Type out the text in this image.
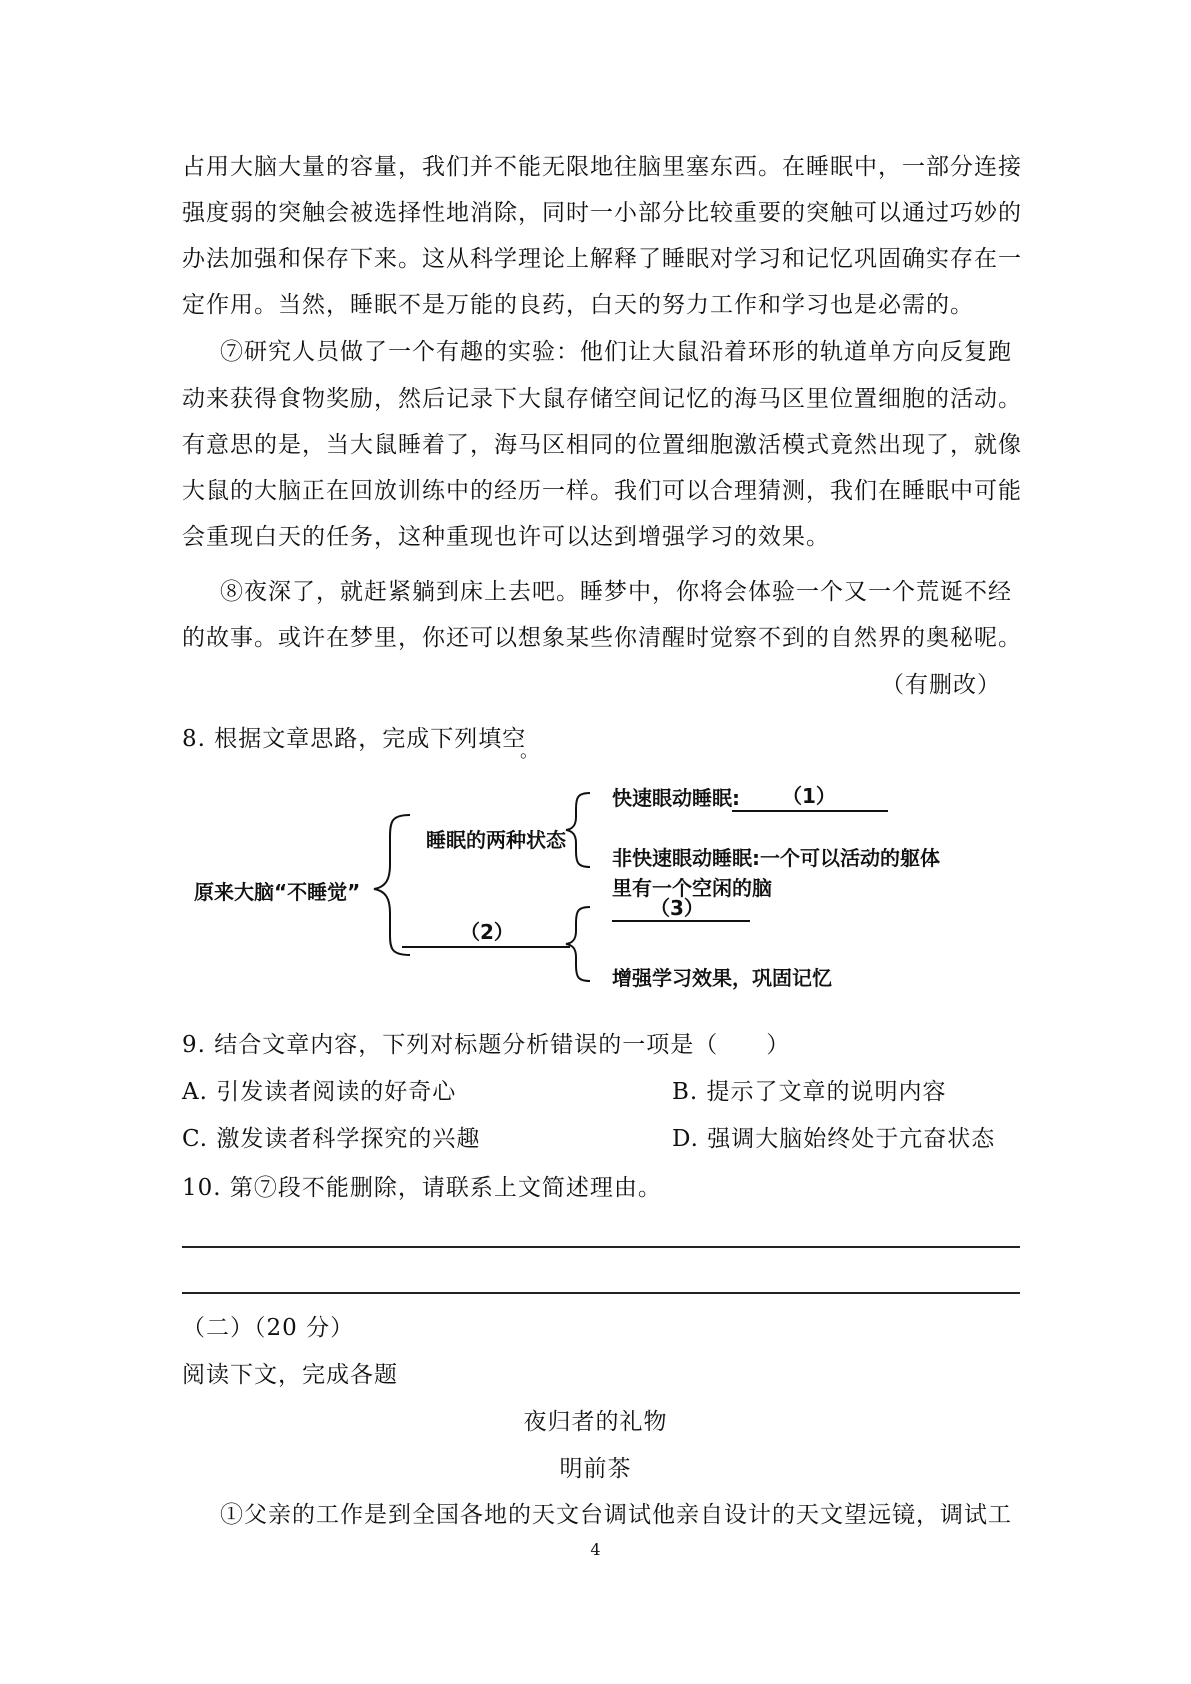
占用大脑大量的容量，我们并不能无限地往脑里塞东西。在睡眠中，一部分连接
强度弱的突触会被选择性地消除，同时一小部分比较重要的突触可以通过巧妙的
办法加强和保存下来。这从科学理论上解释了睡眠对学习和记忆巩固确实存在一
定作用。当然，睡眠不是万能的良药，白天的努力工作和学习也是必需的。
⑦研究人员做了一个有趣的实验：他们让大鼠沿着环形的轨道单方向反复跑
动来获得食物奖励，然后记录下大鼠存储空间记忆的海马区里位置细胞的活动。
有意思的是，当大鼠睡着了，海马区相同的位置细胞激活模式竟然出现了，就像
大鼠的大脑正在回放训练中的经历一样。我们可以合理猜测，我们在睡眠中可能
会重现白天的任务，这种重现也许可以达到增强学习的效果。
⑧夜深了，就赶紧躺到床上去吧。睡梦中，你将会体验一个又一个荒诞不经
的故事。或许在梦里，你还可以想象某些你清醒时觉察不到的自然界的奥秘呢。
（有删改）
8. 根据文章思路，完成下列填空
。
原来大脑“不睡觉”
睡眠的两种状态
快速眼动睡眠: （1）
非快速眼动睡眠:一个可以活动的躯体
里有一个空闲的脑
（2）
（3）
增强学习效果，巩固记忆
9. 结合文章内容，下列对标题分析错误的一项是（　　）
A. 引发读者阅读的好奇心	B. 提示了文章的说明内容
C. 激发读者科学探究的兴趣	D. 强调大脑始终处于亢奋状态
10. 第⑦段不能删除，请联系上文简述理由。
（二）（20 分）
阅读下文，完成各题
夜归者的礼物
明前茶
①父亲的工作是到全国各地的天文台调试他亲自设计的天文望远镜，调试工
4
